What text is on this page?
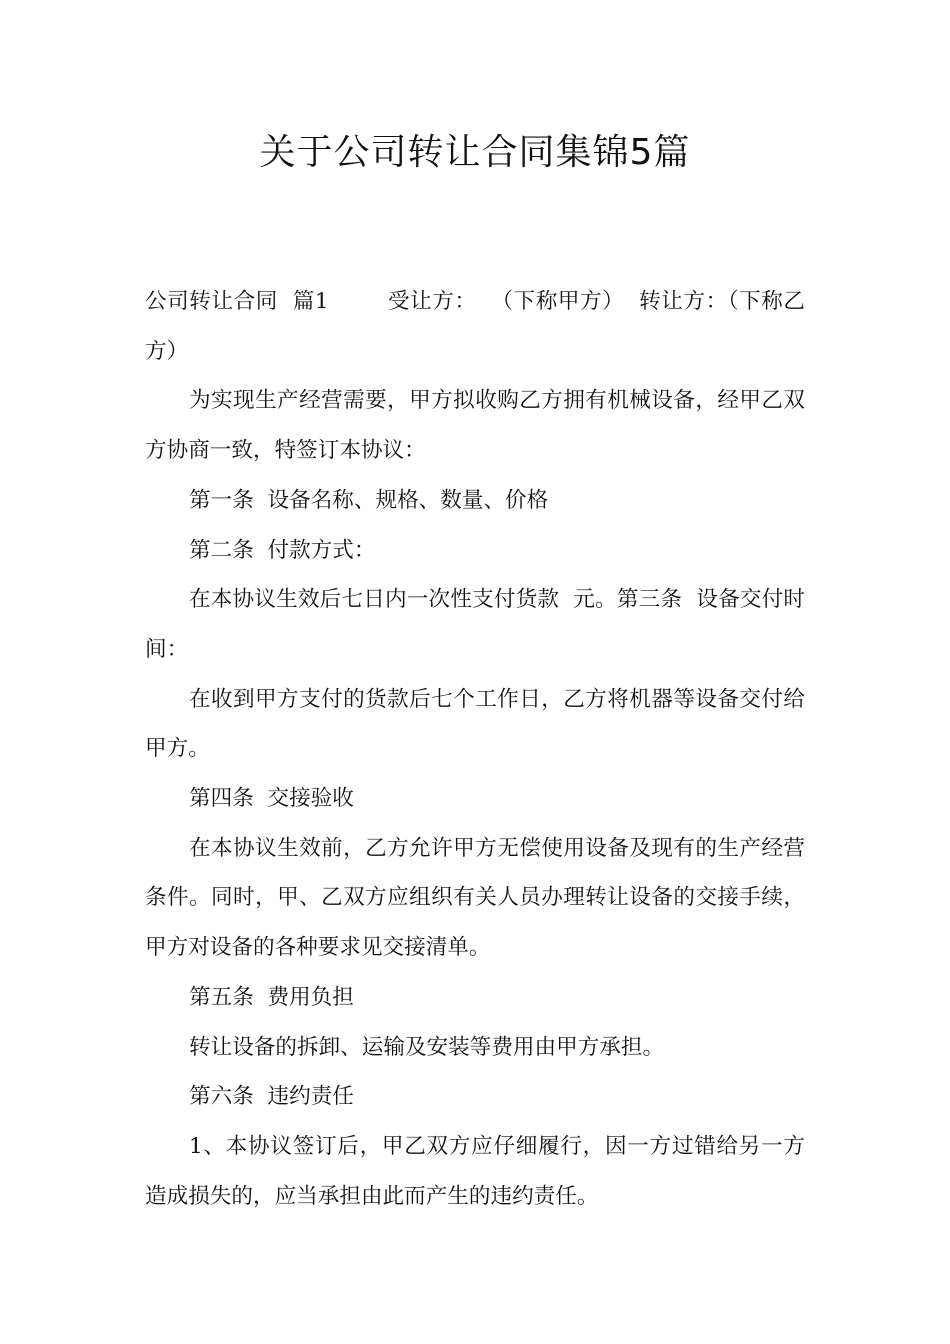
关于公司转让合同集锦5篇

公司转让合同  篇1        受让方：  （下称甲方）  转让方：（下称乙方）

为实现生产经营需要，甲方拟收购乙方拥有机械设备，经甲乙双方协商一致，特签订本协议：

第一条  设备名称、规格、数量、价格

第二条  付款方式：

在本协议生效后七日内一次性支付货款  元。第三条  设备交付时间：

在收到甲方支付的货款后七个工作日，乙方将机器等设备交付给甲方。

第四条  交接验收

在本协议生效前，乙方允许甲方无偿使用设备及现有的生产经营条件。同时，甲、乙双方应组织有关人员办理转让设备的交接手续，甲方对设备的各种要求见交接清单。

第五条  费用负担

转让设备的拆卸、运输及安装等费用由甲方承担。

第六条  违约责任

1、本协议签订后，甲乙双方应仔细履行，因一方过错给另一方造成损失的，应当承担由此而产生的违约责任。
